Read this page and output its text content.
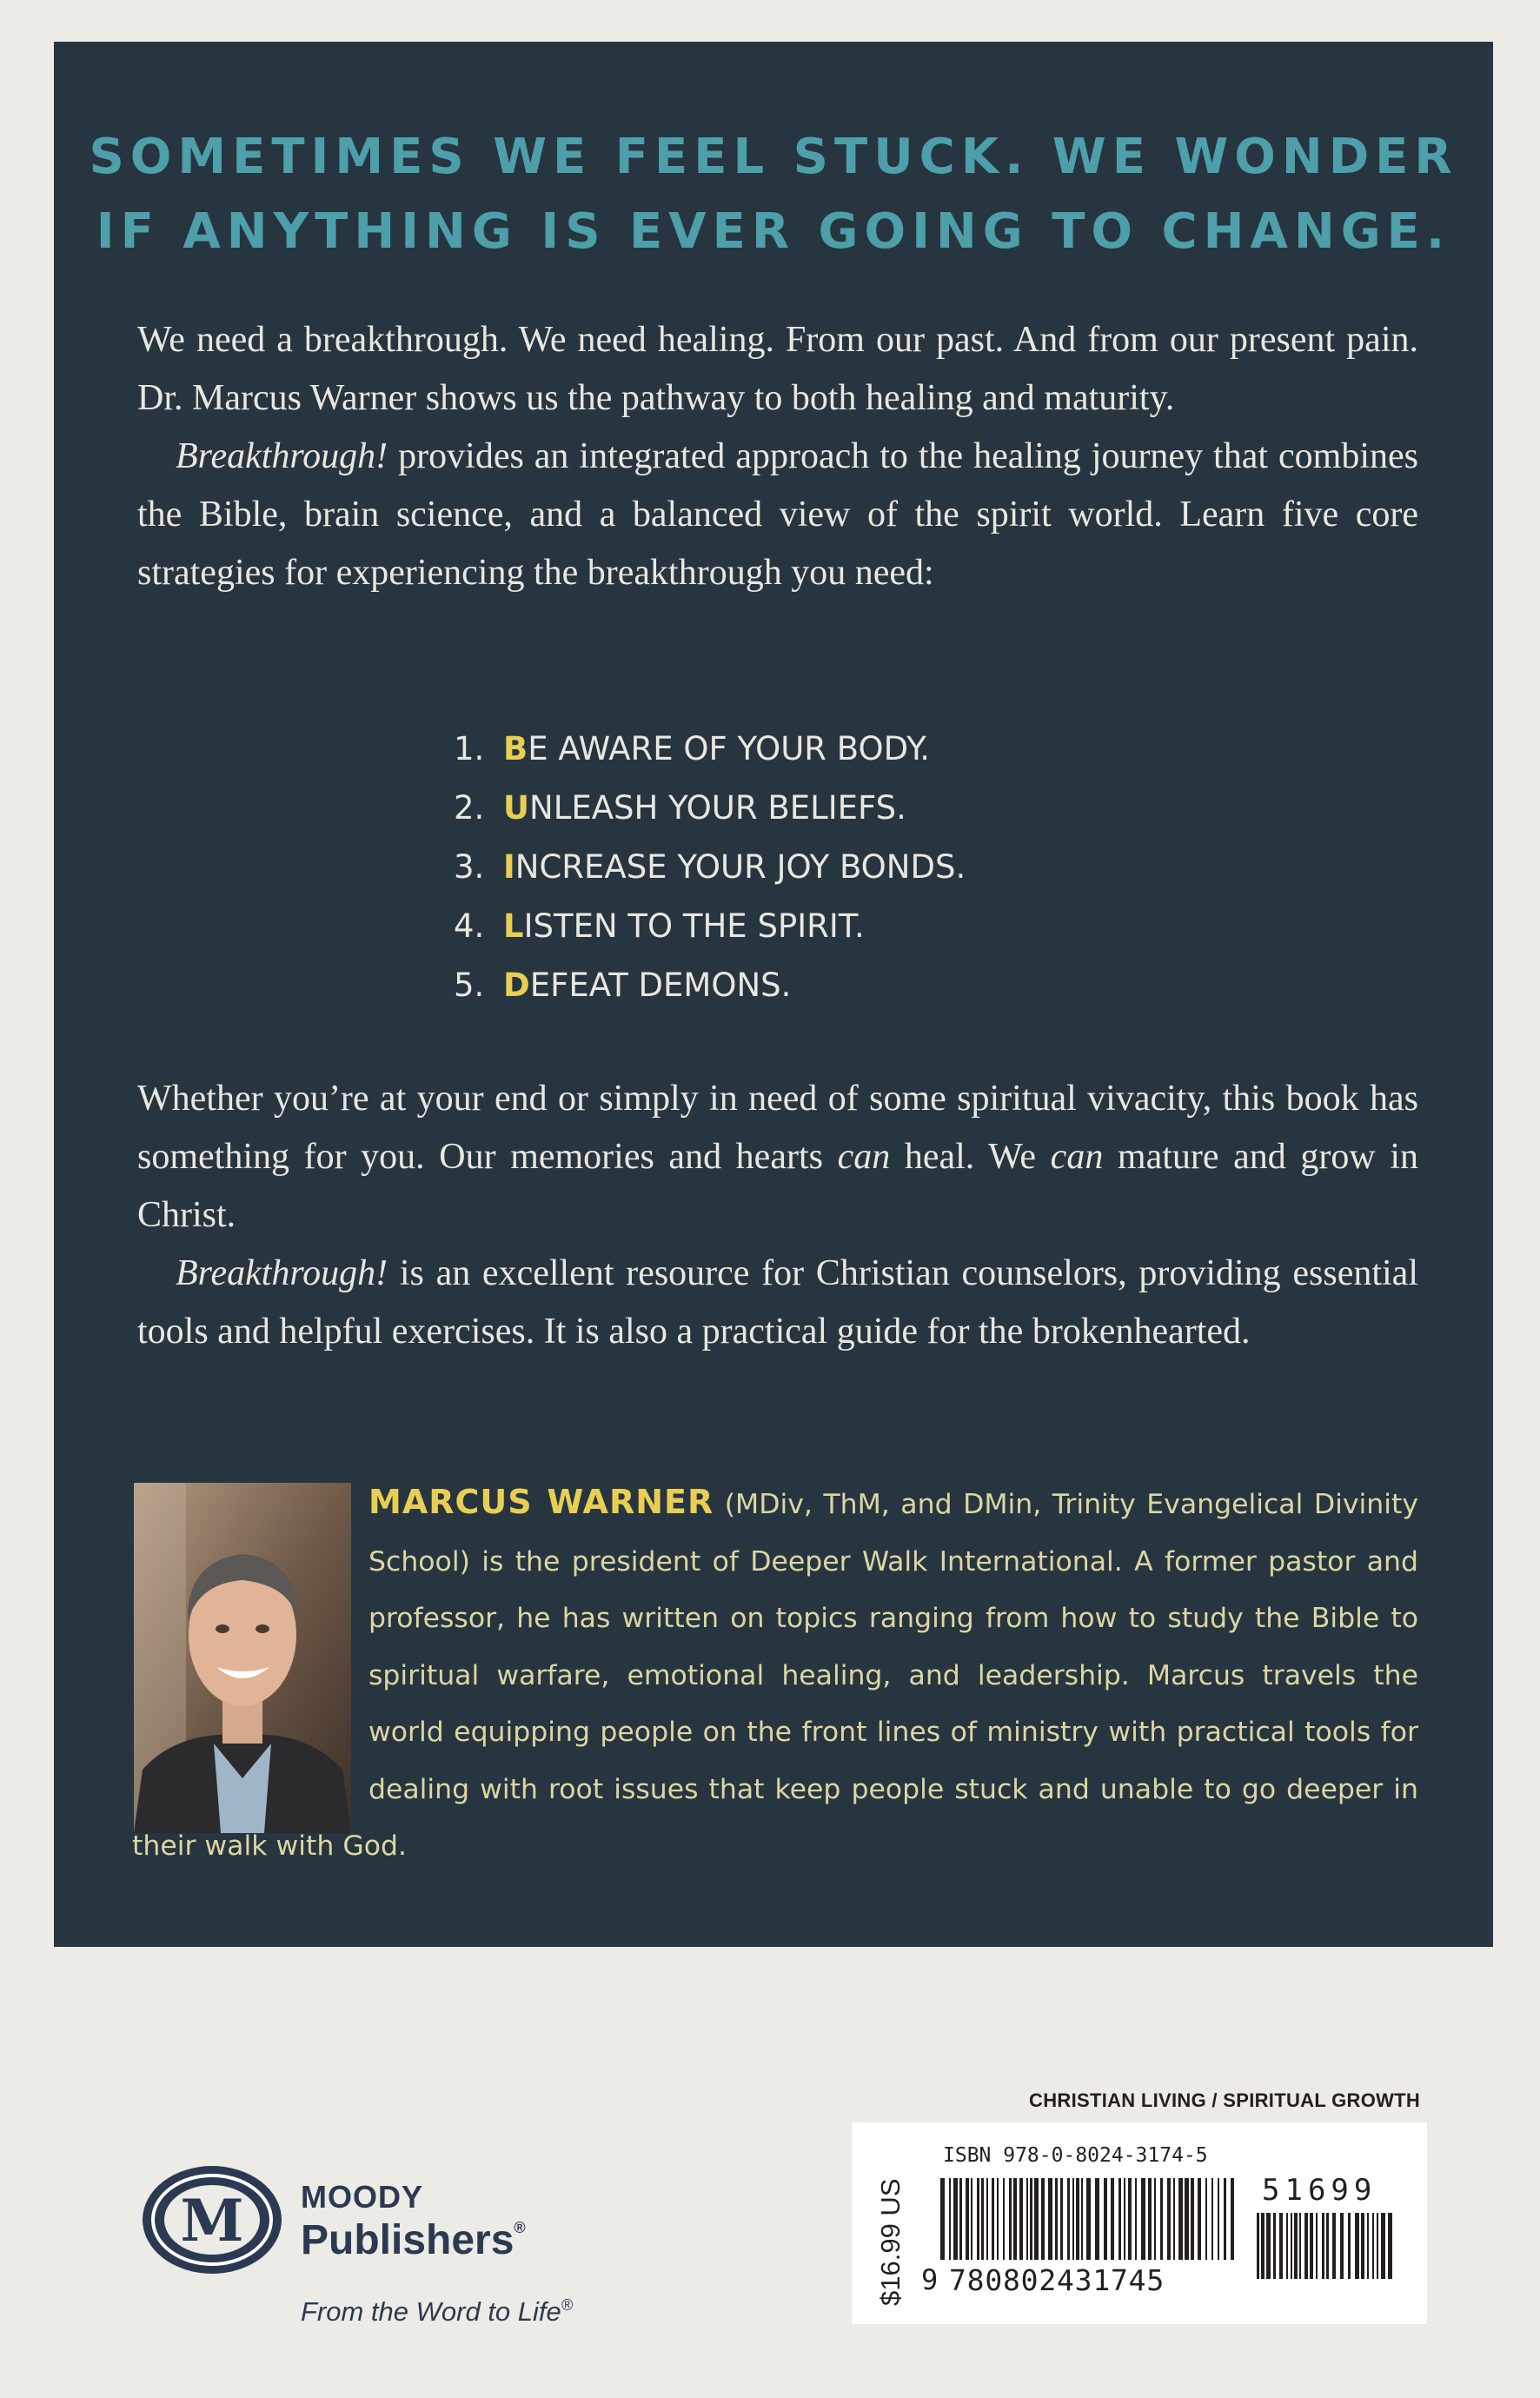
SOMETIMES WE FEEL STUCK. WE WONDER
IF ANYTHING IS EVER GOING TO CHANGE.

We need a breakthrough. We need healing. From our past. And from our present pain. Dr. Marcus Warner shows us the pathway to both healing and maturity.

Breakthrough! provides an integrated approach to the healing journey that combines the Bible, brain science, and a balanced view of the spirit world. Learn five core strategies for experiencing the breakthrough you need:

1. BE AWARE OF YOUR BODY.
2. UNLEASH YOUR BELIEFS.
3. INCREASE YOUR JOY BONDS.
4. LISTEN TO THE SPIRIT.
5. DEFEAT DEMONS.

Whether you’re at your end or simply in need of some spiritual vivacity, this book has something for you. Our memories and hearts can heal. We can mature and grow in Christ.

Breakthrough! is an excellent resource for Christian counselors, providing essential tools and helpful exercises. It is also a practical guide for the brokenhearted.

MARCUS WARNER (MDiv, ThM, and DMin, Trinity Evangelical Divinity School) is the president of Deeper Walk International. A former pastor and professor, he has written on topics ranging from how to study the Bible to spiritual warfare, emotional healing, and leadership. Marcus travels the world equipping people on the front lines of ministry with practical tools for dealing with root issues that keep people stuck and unable to go deeper in their walk with God.
CHRISTIAN LIVING / SPIRITUAL GROWTH
$16.99 US
ISBN 978-0-8024-3174-5
9 780802431745
51699
M MOODY
Publishers®
From the Word to Life®
